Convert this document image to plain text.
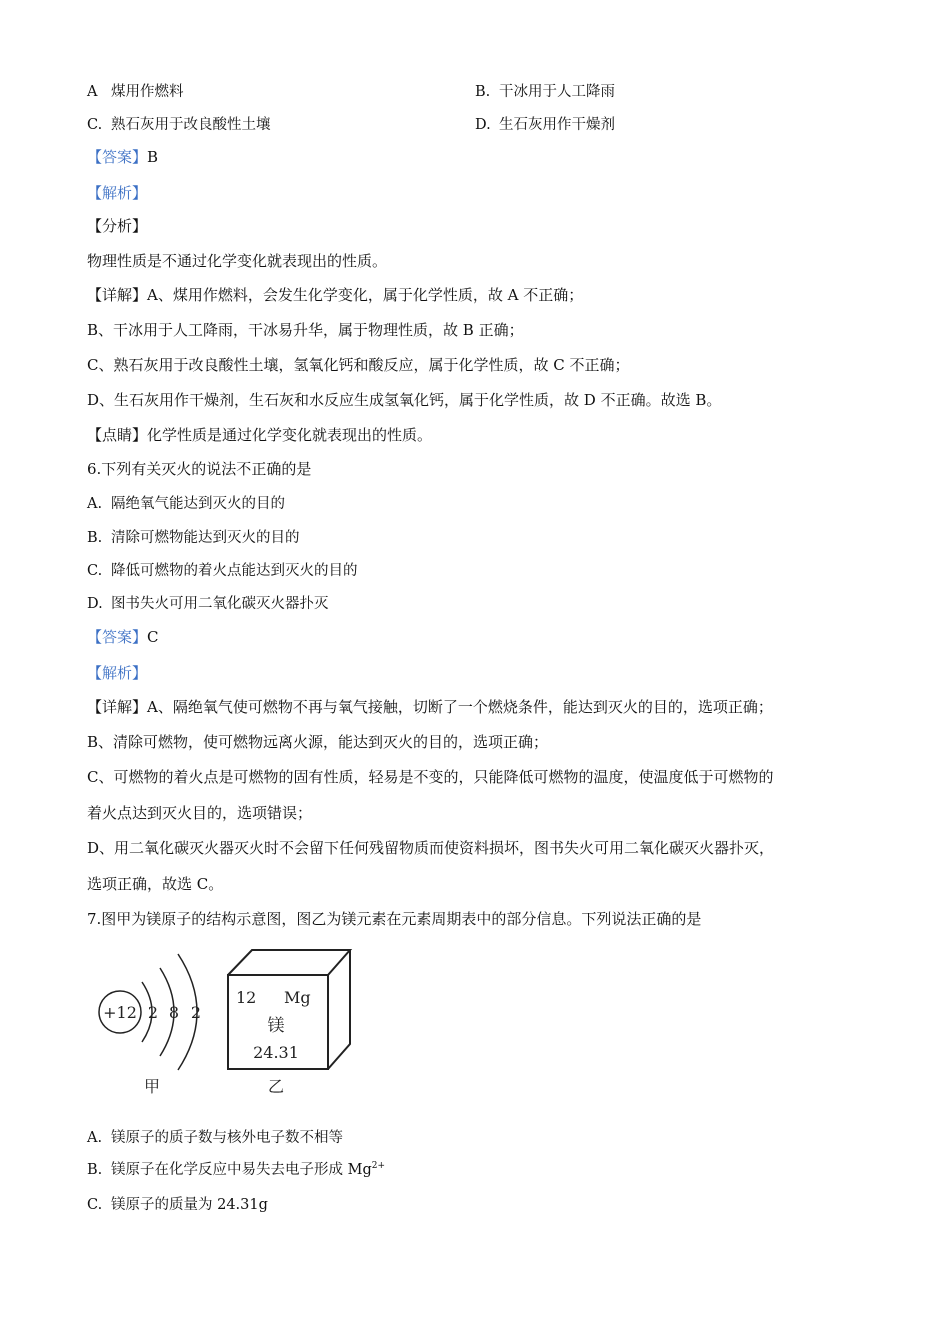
A 煤用作燃料	B. 干冰用于人工降雨
C. 熟石灰用于改良酸性土壤	D. 生石灰用作干燥剂
【答案】B
【解析】
【分析】
物理性质是不通过化学变化就表现出的性质。
【详解】A、煤用作燃料，会发生化学变化，属于化学性质，故 A 不正确；
B、干冰用于人工降雨，干冰易升华，属于物理性质，故 B 正确；
C、熟石灰用于改良酸性土壤，氢氧化钙和酸反应，属于化学性质，故 C 不正确；
D、生石灰用作干燥剂，生石灰和水反应生成氢氧化钙，属于化学性质，故 D 不正确。故选 B。
【点睛】化学性质是通过化学变化就表现出的性质。
6.下列有关灭火的说法不正确的是
A. 隔绝氧气能达到灭火的目的
B. 清除可燃物能达到灭火的目的
C. 降低可燃物的着火点能达到灭火的目的
D. 图书失火可用二氧化碳灭火器扑灭
【答案】C
【解析】
【详解】A、隔绝氧气使可燃物不再与氧气接触，切断了一个燃烧条件，能达到灭火的目的，选项正确；
B、清除可燃物，使可燃物远离火源，能达到灭火的目的，选项正确；
C、可燃物的着火点是可燃物的固有性质，轻易是不变的，只能降低可燃物的温度，使温度低于可燃物的
着火点达到灭火目的，选项错误；
D、用二氧化碳灭火器灭火时不会留下任何残留物质而使资料损坏，图书失火可用二氧化碳灭火器扑灭，
选项正确，故选 C。
7.图甲为镁原子的结构示意图，图乙为镁元素在元素周期表中的部分信息。下列说法正确的是
+12 2 8 2
甲
12 Mg
镁
24.31
乙
A. 镁原子的质子数与核外电子数不相等
B. 镁原子在化学反应中易失去电子形成 $Mg^{2+}$
C. 镁原子的质量为 24.31g
